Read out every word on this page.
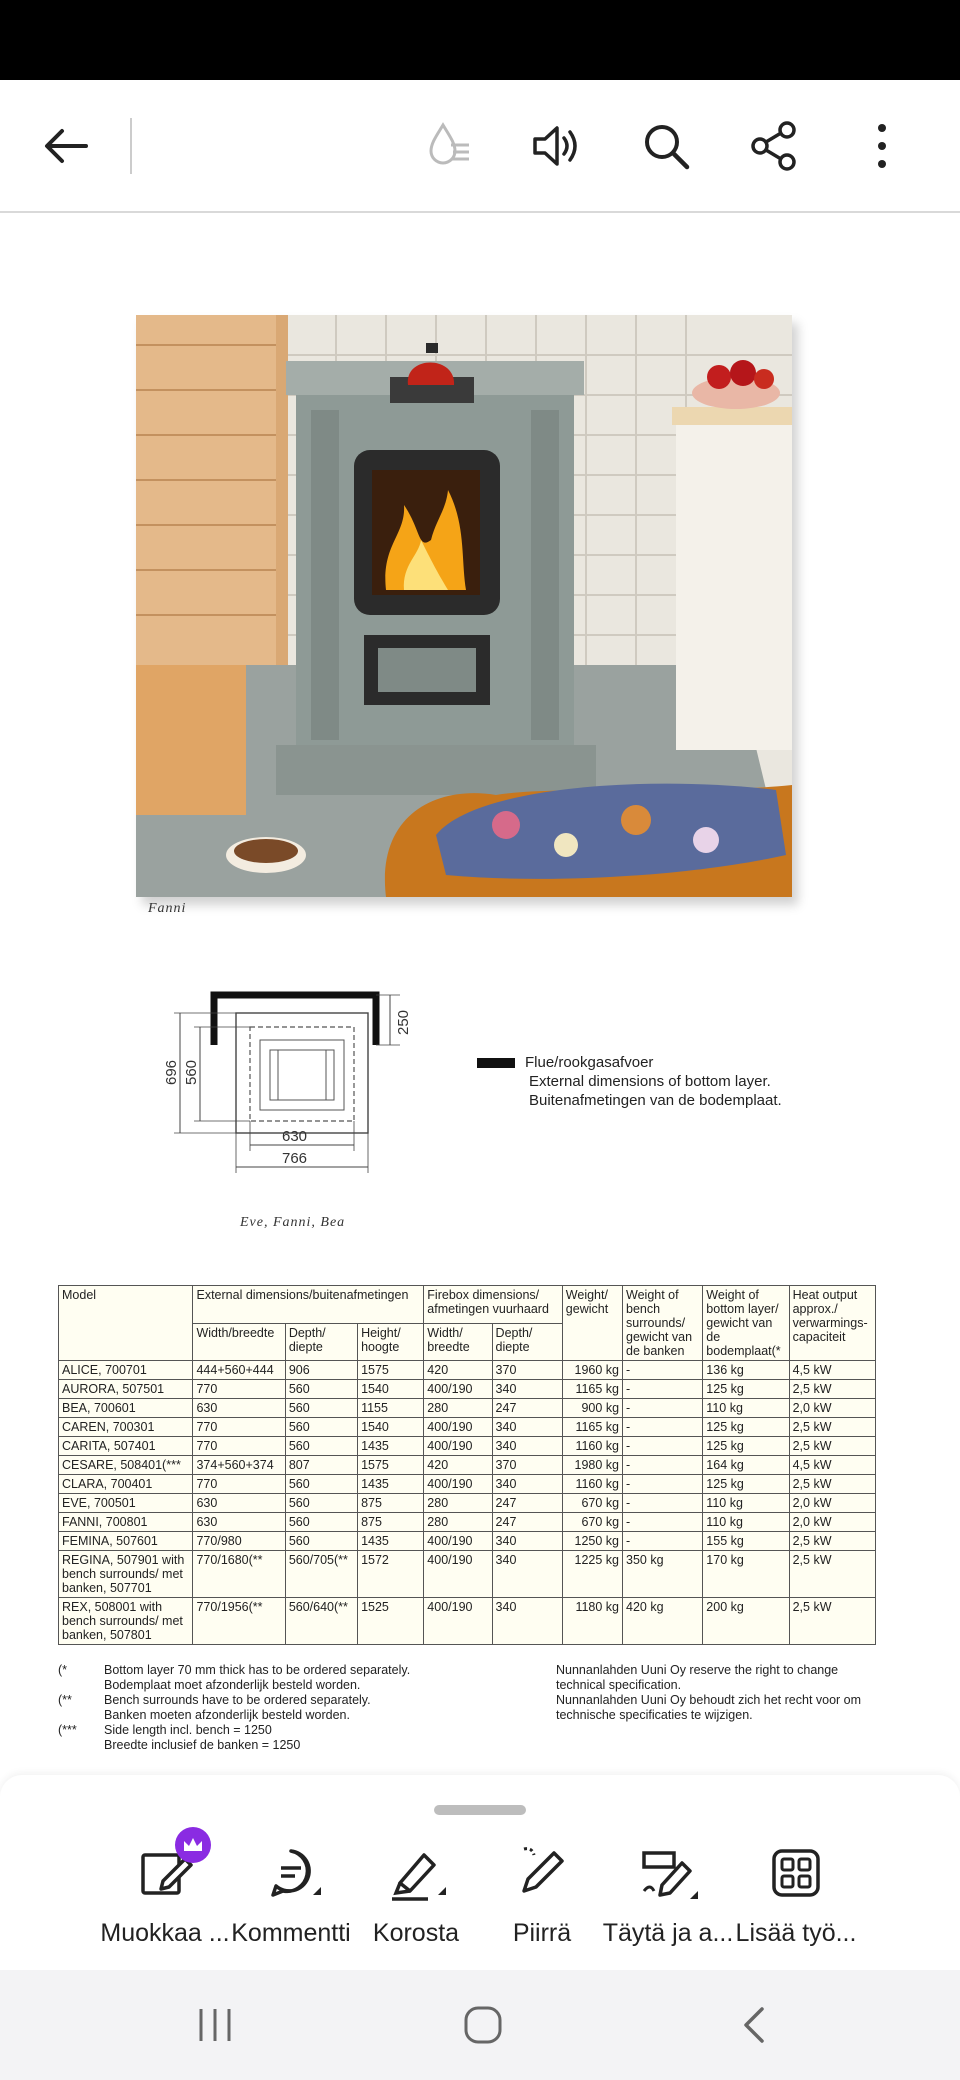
Fanni
696 560
250
630
766
Eve, Fanni, Bea
Flue/rookgasafvoer
External dimensions of bottom layer.
Buitenafmetingen van de bodemplaat.
Model	External dimensions/buitenafmetingen			Firebox dimensions/ afmetingen vuurhaard		Weight/ gewicht	Weight of bench surrounds/ gewicht van de banken	Weight of bottom layer/ gewicht van de bodemplaat(*	Heat output approx./ verwarmings-capaciteit
	Width/breedte	Depth/ diepte	Height/ hoogte	Width/ breedte	Depth/ diepte				
ALICE, 700701	444+560+444	906	1575	420	370	1960 kg	-	136 kg	4,5 kW
AURORA, 507501	770	560	1540	400/190	340	1165 kg	-	125 kg	2,5 kW
BEA, 700601	630	560	1155	280	247	900 kg	-	110 kg	2,0 kW
CAREN, 700301	770	560	1540	400/190	340	1165 kg	-	125 kg	2,5 kW
CARITA, 507401	770	560	1435	400/190	340	1160 kg	-	125 kg	2,5 kW
CESARE, 508401(***	374+560+374	807	1575	420	370	1980 kg	-	164 kg	4,5 kW
CLARA, 700401	770	560	1435	400/190	340	1160 kg	-	125 kg	2,5 kW
EVE, 700501	630	560	875	280	247	670 kg	-	110 kg	2,0 kW
FANNI, 700801	630	560	875	280	247	670 kg	-	110 kg	2,0 kW
FEMINA, 507601	770/980	560	1435	400/190	340	1250 kg	-	155 kg	2,5 kW
REGINA, 507901 with bench surrounds/ met banken, 507701	770/1680(**	560/705(**	1572	400/190	340	1225 kg	350 kg	170 kg	2,5 kW
REX, 508001 with bench surrounds/ met banken, 507801	770/1956(**	560/640(**	1525	400/190	340	1180 kg	420 kg	200 kg	2,5 kW
(*	Bottom layer 70 mm thick has to be ordered separately.
Bodemplaat moet afzonderlijk besteld worden.
(**	Bench surrounds have to be ordered separately.
Banken moeten afzonderlijk besteld worden.
(***	Side length incl. bench = 1250
Breedte inclusief de banken = 1250
Nunnanlahden Uuni Oy reserve the right to change technical specification.
Nunnanlahden Uuni Oy behoudt zich het recht voor om technische specificaties te wijzigen.
Muokkaa ... Kommentti Korosta	Piirrä	Täytä ja a... Lisää työ...
